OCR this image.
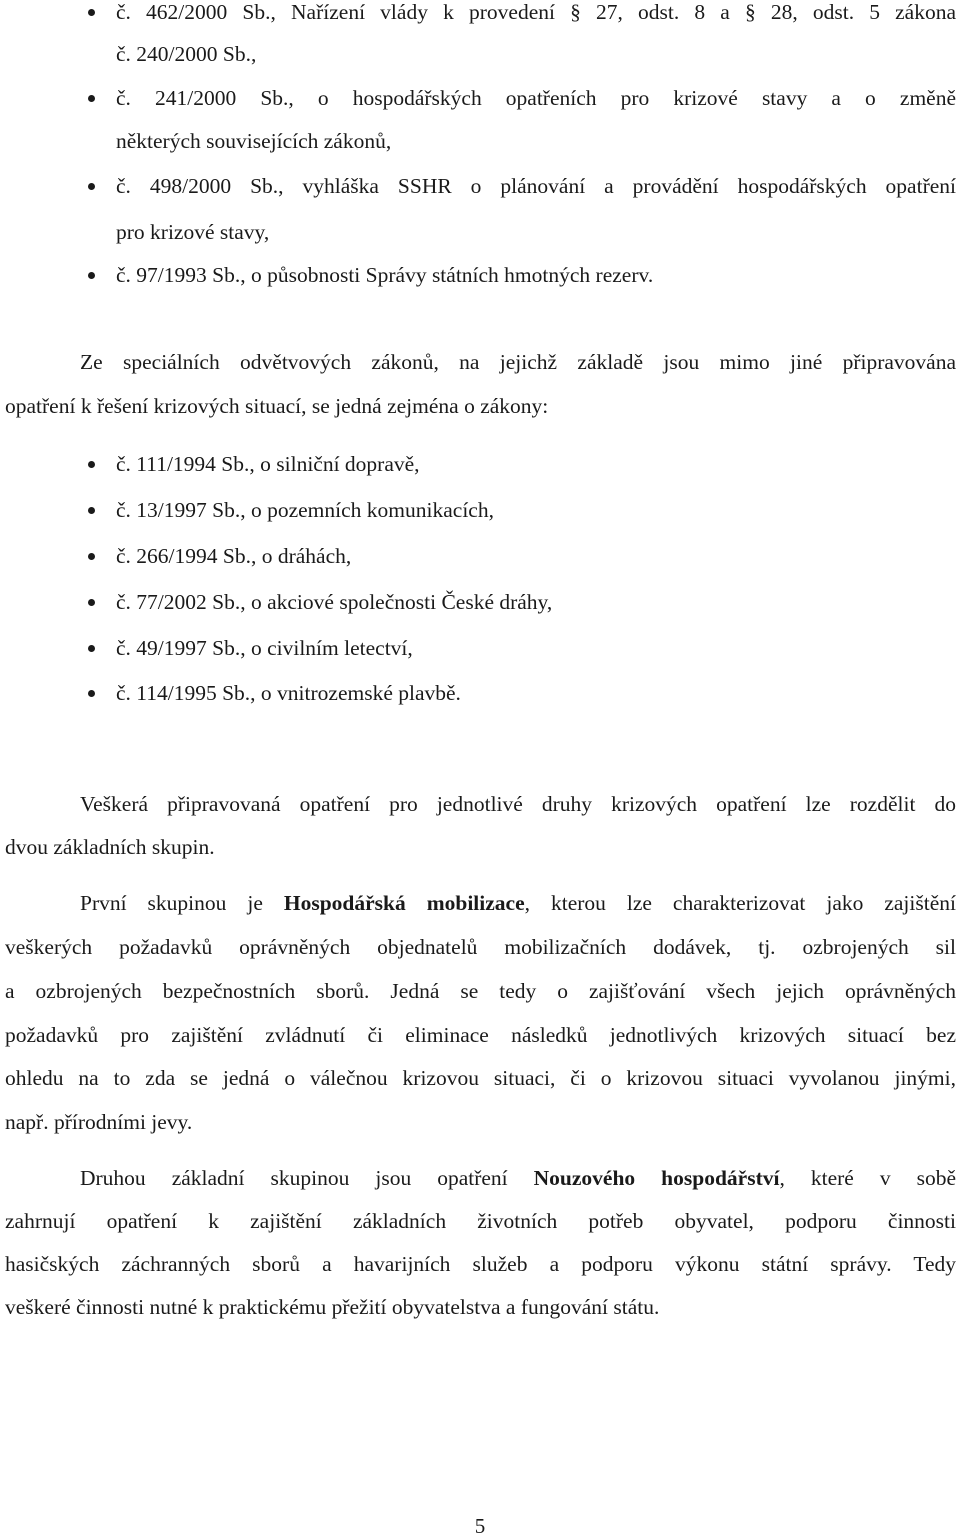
č. 462/2000 Sb., Nařízení vlády k provedení § 27, odst. 8 a § 28, odst. 5 zákona
č. 240/2000 Sb.,
č. 241/2000 Sb., o hospodářských opatřeních pro krizové stavy a o změně
některých souvisejících zákonů,
č. 498/2000 Sb., vyhláška SSHR o plánování a provádění hospodářských opatření
pro krizové stavy,
č. 97/1993 Sb., o působnosti Správy státních hmotných rezerv.
Ze speciálních odvětvových zákonů, na jejichž základě jsou mimo jiné připravována
opatření k řešení krizových situací, se jedná zejména o zákony:
č. 111/1994 Sb., o silniční dopravě,
č. 13/1997 Sb., o pozemních komunikacích,
č. 266/1994 Sb., o dráhách,
č. 77/2002 Sb., o akciové společnosti České dráhy,
č. 49/1997 Sb., o civilním letectví,
č. 114/1995 Sb., o vnitrozemské plavbě.
Veškerá připravovaná opatření pro jednotlivé druhy krizových opatření lze rozdělit do
dvou základních skupin.
První skupinou je Hospodářská mobilizace, kterou lze charakterizovat jako zajištění
veškerých požadavků oprávněných objednatelů mobilizačních dodávek, tj. ozbrojených sil
a ozbrojených bezpečnostních sborů. Jedná se tedy o zajišťování všech jejich oprávněných
požadavků pro zajištění zvládnutí či eliminace následků jednotlivých krizových situací bez
ohledu na to zda se jedná o válečnou krizovou situaci, či o krizovou situaci vyvolanou jinými,
např. přírodními jevy.
Druhou základní skupinou jsou opatření Nouzového hospodářství, které v sobě
zahrnují opatření k zajištění základních životních potřeb obyvatel, podporu činnosti
hasičských záchranných sborů a havarijních služeb a podporu výkonu státní správy. Tedy
veškeré činnosti nutné k praktickému přežití obyvatelstva a fungování státu.
5
